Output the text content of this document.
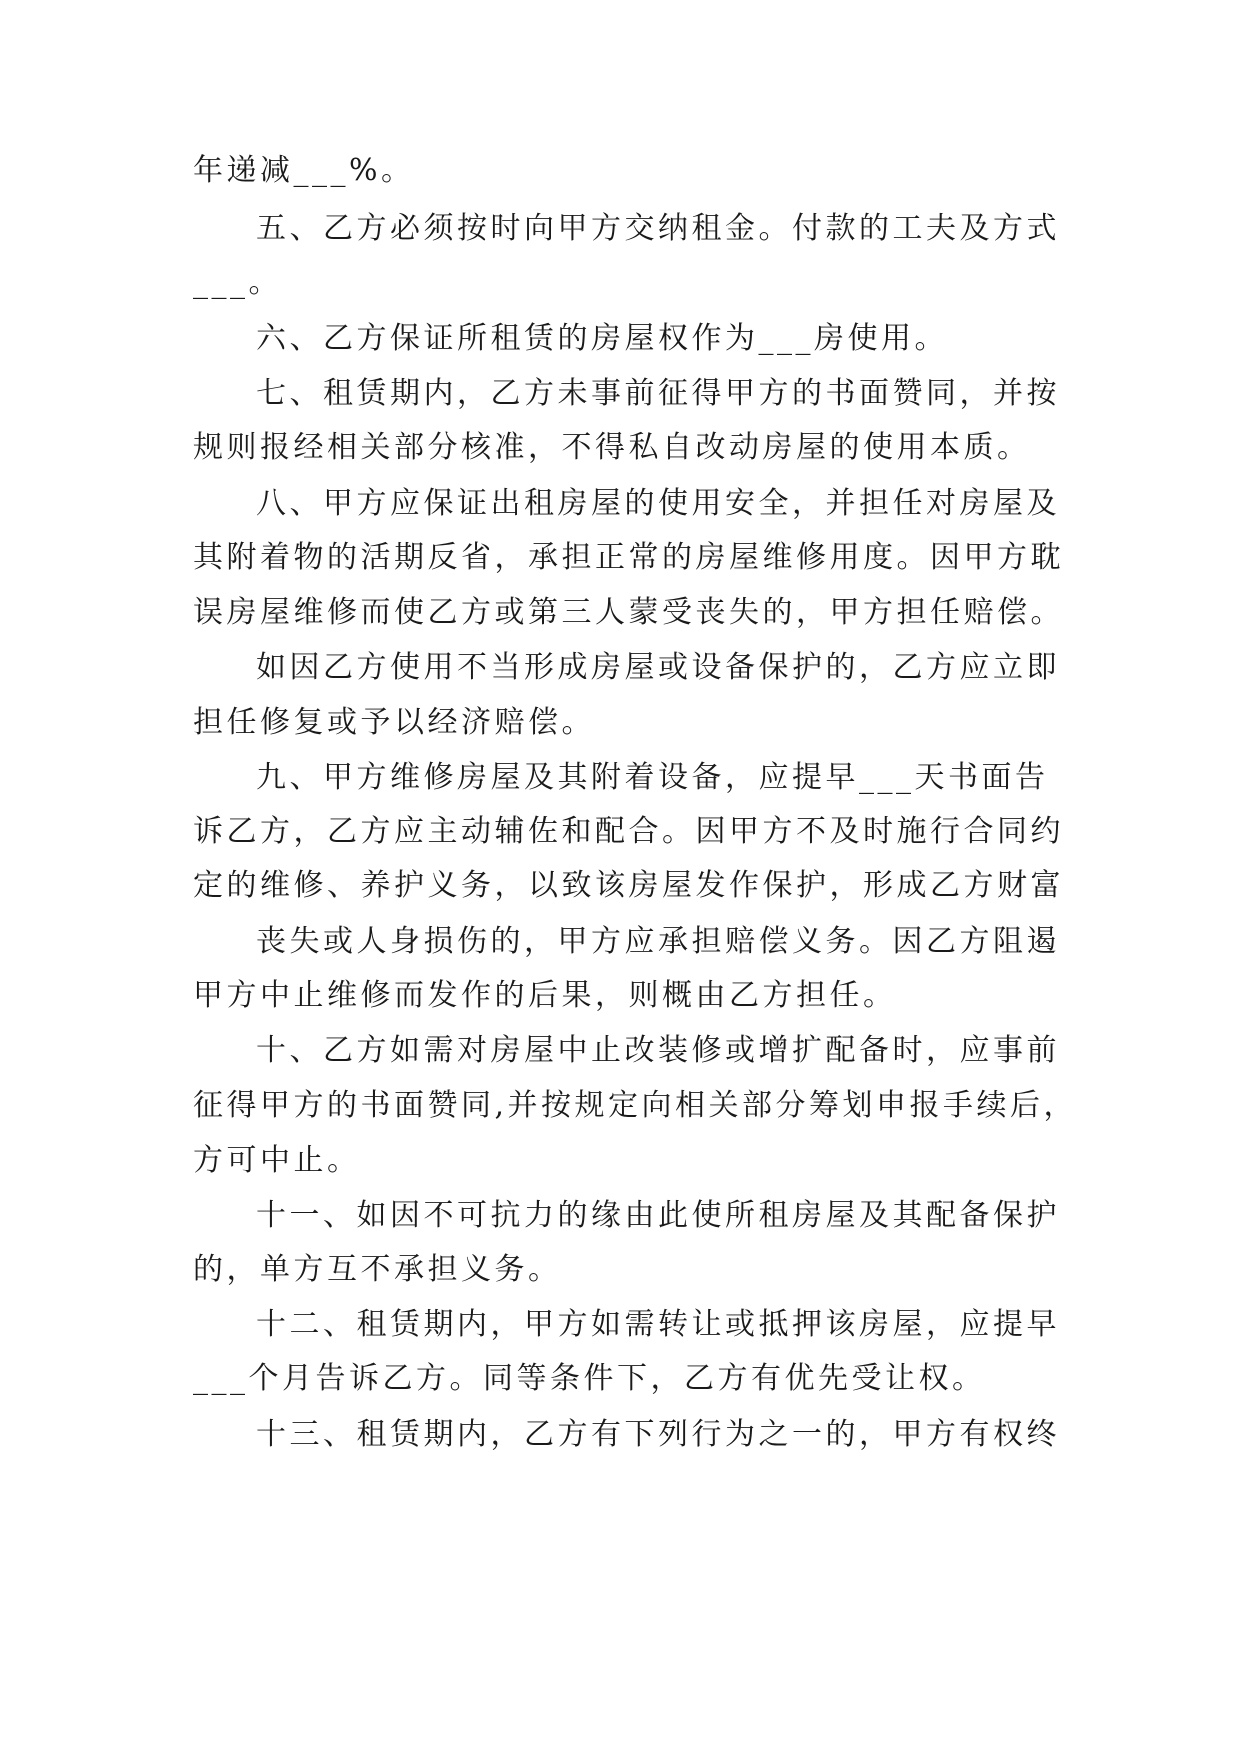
年递减___%。
五、乙方必须按时向甲方交纳租金。付款的工夫及方式
___。
六、乙方保证所租赁的房屋权作为___房使用。
七、租赁期内，乙方未事前征得甲方的书面赞同，并按
规则报经相关部分核准，不得私自改动房屋的使用本质。
八、甲方应保证出租房屋的使用安全，并担任对房屋及
其附着物的活期反省，承担正常的房屋维修用度。因甲方耽
误房屋维修而使乙方或第三人蒙受丧失的，甲方担任赔偿。
如因乙方使用不当形成房屋或设备保护的，乙方应立即
担任修复或予以经济赔偿。
九、甲方维修房屋及其附着设备，应提早___天书面告
诉乙方，乙方应主动辅佐和配合。因甲方不及时施行合同约
定的维修、养护义务，以致该房屋发作保护，形成乙方财富
丧失或人身损伤的，甲方应承担赔偿义务。因乙方阻遏
甲方中止维修而发作的后果，则概由乙方担任。
十、乙方如需对房屋中止改装修或增扩配备时，应事前
征得甲方的书面赞同,并按规定向相关部分筹划申报手续后，
方可中止。
十一、如因不可抗力的缘由此使所租房屋及其配备保护
的，单方互不承担义务。
十二、租赁期内，甲方如需转让或抵押该房屋，应提早
___个月告诉乙方。同等条件下，乙方有优先受让权。
十三、租赁期内，乙方有下列行为之一的，甲方有权终
